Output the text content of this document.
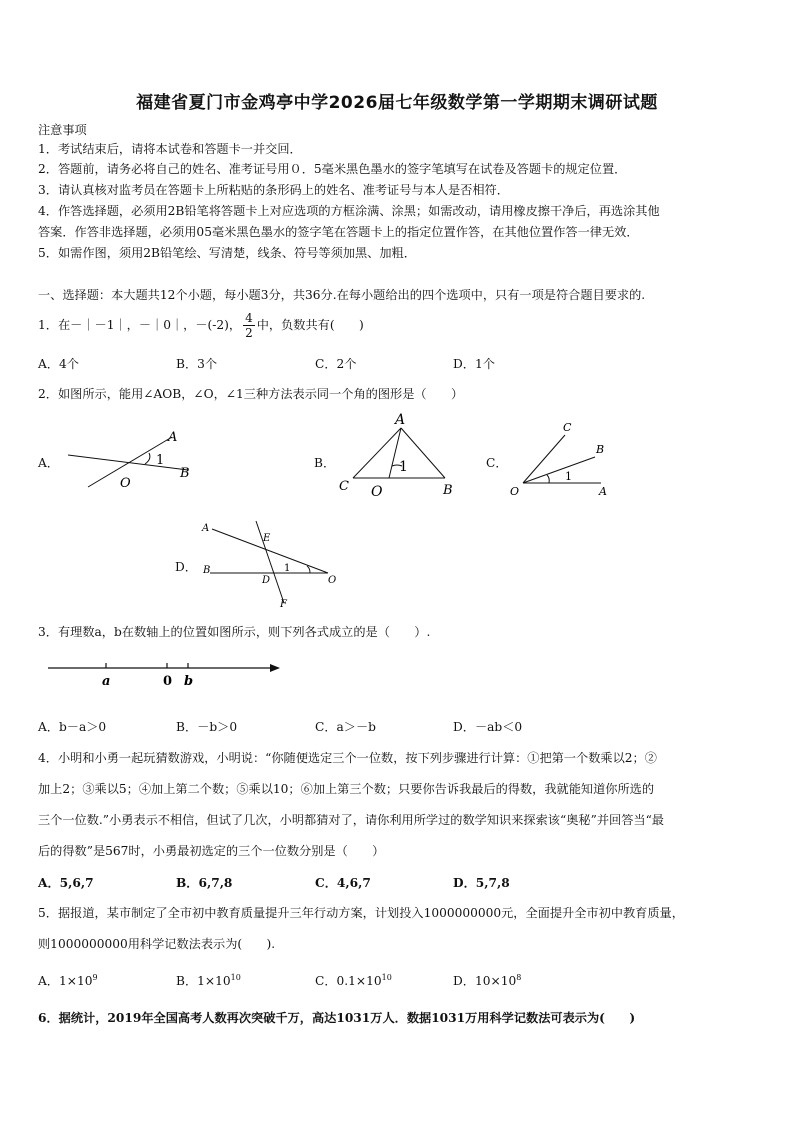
福建省夏门市金鸡亭中学2026届七年级数学第一学期期末调研试题
注意事项
1．考试结束后，请将本试卷和答题卡一并交回．
2．答题前，请务必将自己的姓名、准考证号用０．5毫米黑色墨水的签字笔填写在试卷及答题卡的规定位置．
3．请认真核对监考员在答题卡上所粘贴的条形码上的姓名、准考证号与本人是否相符．
4．作答选择题，必须用2B铅笔将答题卡上对应选项的方框涂满、涂黑；如需改动，请用橡皮擦干净后，再选涂其他
答案．作答非选择题，必须用05毫米黑色墨水的签字笔在答题卡上的指定位置作答，在其他位置作答一律无效．
5．如需作图，须用2B铅笔绘、写清楚，线条、符号等须加黑、加粗．
一、选择题：本大题共12个小题，每小题3分，共36分.在每小题给出的四个选项中，只有一项是符合题目要求的.
1．在－｜－1｜，－｜0｜，－(-2)， $\frac{4}{2}$ 中，负数共有(　　)
A．4个	B．3个	C．2个	D．1个
2．如图所示，能用∠AOB，∠O，∠1三种方法表示同一个角的图形是（　　）
A．
A
1
B
O
B．
A
1
C O	B
C．
C
B
1
O	A
D．
A
E
B	1
D	O
F
3．有理数a，b在数轴上的位置如图所示，则下列各式成立的是（　　）.
a	0 b
A．b－a＞0	B．－b＞0	C．a＞－b	D．－ab＜0
4．小明和小勇一起玩猜数游戏，小明说：“你随便选定三个一位数，按下列步骤进行计算：①把第一个数乘以2；②
加上2；③乘以5；④加上第二个数；⑤乘以10；⑥加上第三个数；只要你告诉我最后的得数，我就能知道你所选的
三个一位数.”小勇表示不相信，但试了几次，小明都猜对了，请你利用所学过的数学知识来探索该“奥秘”并回答当“最
后的得数”是567时，小勇最初选定的三个一位数分别是（　　）
A．5,6,7	B．6,7,8	C．4,6,7	D．5,7,8
5．据报道，某市制定了全市初中教育质量提升三年行动方案，计划投入1000000000元，全面提升全市初中教育质量，
则1000000000用科学记数法表示为(　　).
A．$1\times 10^9$	B．$1\times 10^{10}$	C．$0.1\times 10^{10}$	D．$10\times 10^8$
6．据统计，2019年全国高考人数再次突破千万，高达1031万人．数据1031万用科学记数法可表示为(　　)
